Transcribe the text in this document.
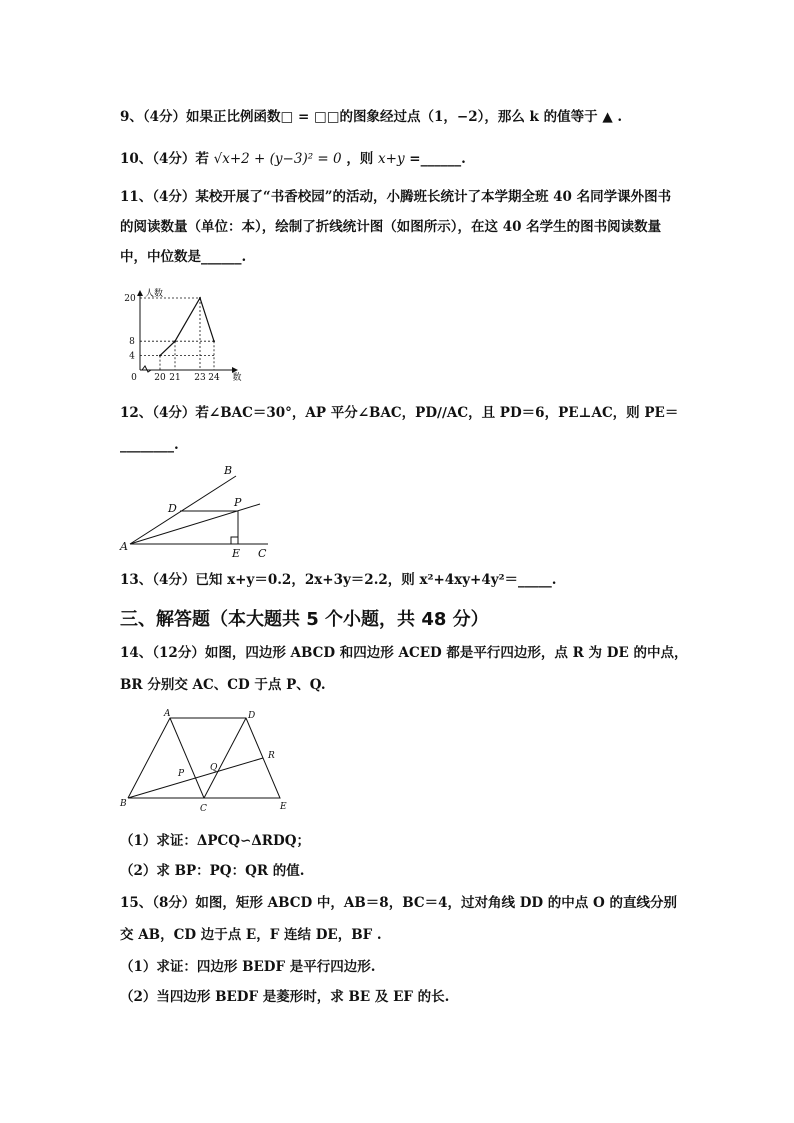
9、（4分）如果正比例函数□ = □□的图象经过点（1，−2），那么 k 的值等于 ▲ .
10、（4分）若 √x+2 + (y−3)² = 0 ，则 x+y =______.
11、（4分）某校开展了“书香校园”的活动，小腾班长统计了本学期全班 40 名同学课外图书
的阅读数量（单位：本），绘制了折线统计图（如图所示），在这 40 名学生的图书阅读数量
中，中位数是______.
0 20 21 23 24
4
8
20 人数
数
12、（4分）若∠BAC＝30°，AP 平分∠BAC，PD∕∕AC，且 PD＝6，PE⊥AC，则 PE＝
________.
B
D	P
A
E C
13、（4分）已知 x+y＝0.2，2x+3y＝2.2，则 x²+4xy+4y²＝_____.
三、解答题（本大题共 5 个小题，共 48 分）
14、（12分）如图，四边形 ABCD 和四边形 ACED 都是平行四边形，点 R 为 DE 的中点，
BR 分别交 AC、CD 于点 P、Q.
A	D
R
P
Q
B	C	E
（1）求证：ΔPCQ∽ΔRDQ；
（2）求 BP：PQ：QR 的值.
15、（8分）如图，矩形 ABCD 中，AB＝8，BC＝4，过对角线 DD 的中点 O 的直线分别
交 AB，CD 边于点 E，F 连结 DE，BF .
（1）求证：四边形 BEDF 是平行四边形.
（2）当四边形 BEDF 是菱形时，求 BE 及 EF 的长.
